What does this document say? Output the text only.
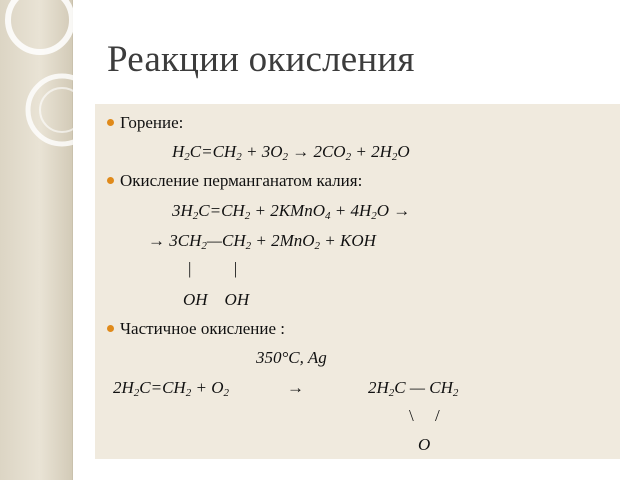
Реакции окисления
Горение:
$H_2C=CH_2 + 3O_2 \to 2CO_2 + 2H_2O$
Окисление перманганатом калия:
$3H_2C=CH_2$ + 2KMnO$_4$ + $4H_2O$ →
→ $3CH_2—CH_2 + 2MnO_2$ + KOH
|          |
OH    OH
Частичное окисление :
350°C, Ag
$2H_2C=CH_2 + O_2$	→	$2H_2C$ — $CH_2$
\     /
O
